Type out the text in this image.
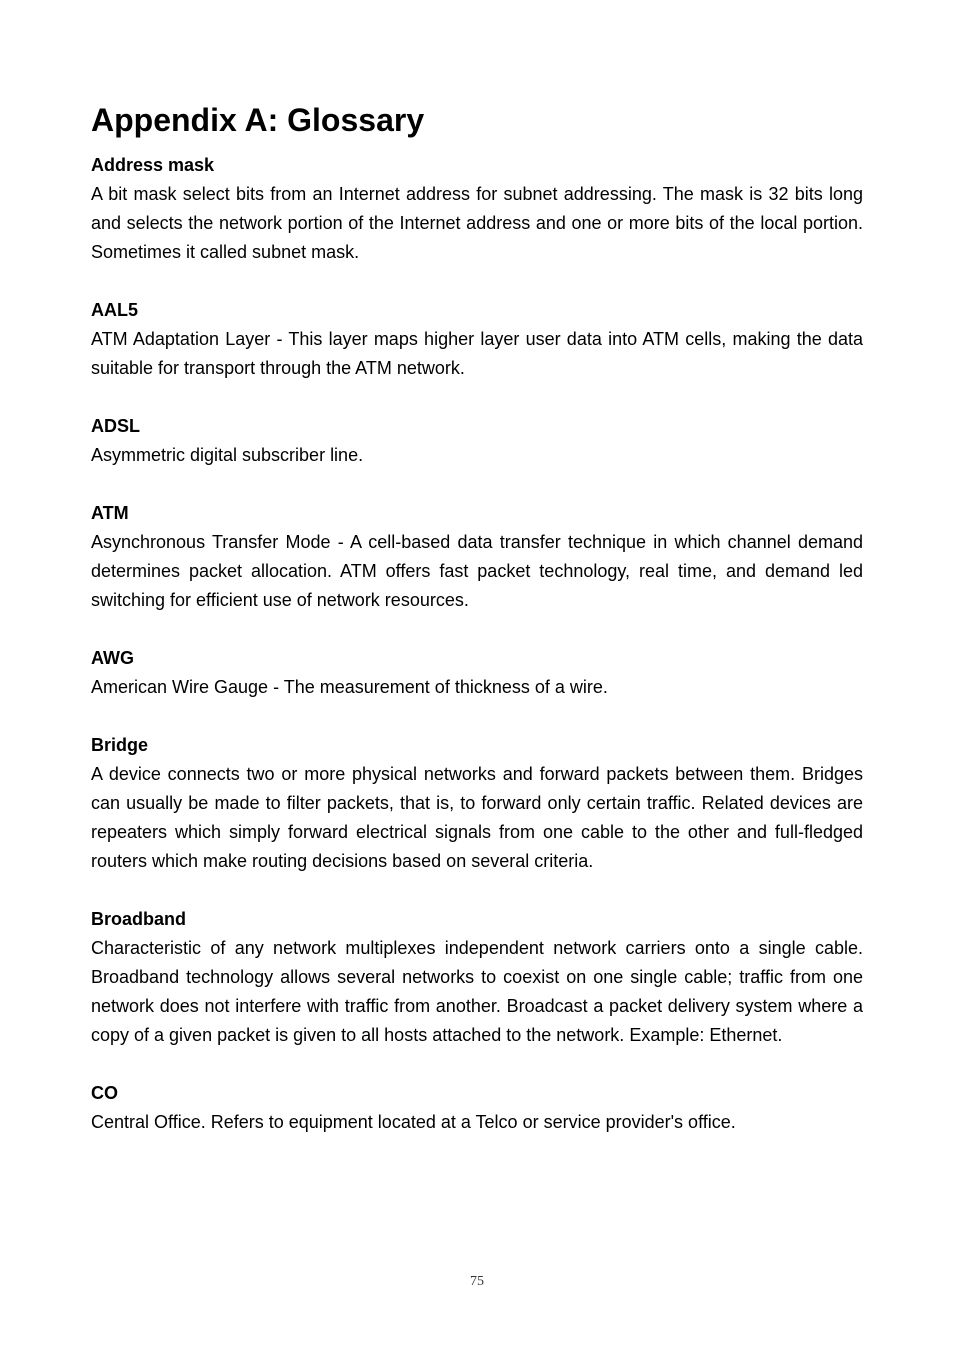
Appendix A: Glossary

Address mask

A bit mask select bits from an Internet address for subnet addressing. The mask is 32 bits long and selects the network portion of the Internet address and one or more bits of the local portion. Sometimes it called subnet mask.

AAL5

ATM Adaptation Layer - This layer maps higher layer user data into ATM cells, making the data suitable for transport through the ATM network.

ADSL

Asymmetric digital subscriber line.

ATM

Asynchronous Transfer Mode - A cell-based data transfer technique in which channel demand determines packet allocation. ATM offers fast packet technology, real time, and demand led switching for efficient use of network resources.

AWG

American Wire Gauge - The measurement of thickness of a wire.

Bridge

A device connects two or more physical networks and forward packets between them. Bridges can usually be made to filter packets, that is, to forward only certain traffic. Related devices are repeaters which simply forward electrical signals from one cable to the other and full-fledged routers which make routing decisions based on several criteria.

Broadband

Characteristic of any network multiplexes independent network carriers onto a single cable. Broadband technology allows several networks to coexist on one single cable; traffic from one network does not interfere with traffic from another. Broadcast a packet delivery system where a copy of a given packet is given to all hosts attached to the network. Example: Ethernet.

CO

Central Office. Refers to equipment located at a Telco or service provider's office.

75
